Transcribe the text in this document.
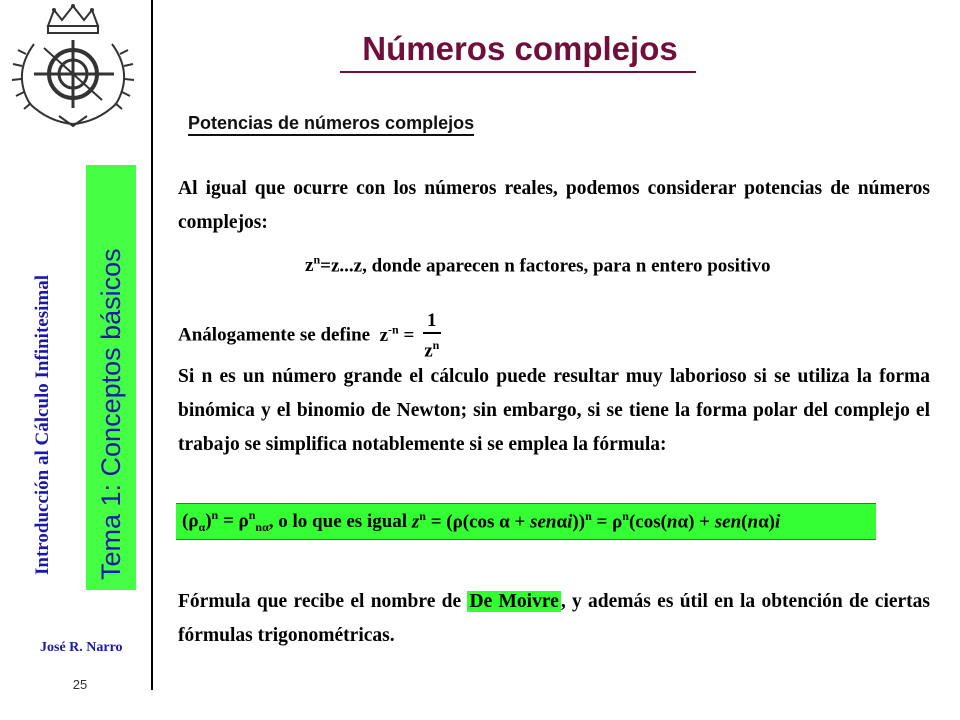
Introducción al Cálculo Infinitesimal Tema 1: Conceptos básicos
José R. Narro
25
Números complejos
Potencias de números complejos
Al igual que ocurre con los números reales, podemos considerar potencias de números complejos:
$z^n=z...z$, donde aparecen n factores, para n entero positivo
Análogamente se define  $z^{-n} = \frac{1}{z^n}$
Si n es un número grande el cálculo puede resultar muy laborioso si se utiliza la forma binómica y el binomio de Newton; sin embargo, si se tiene la forma polar del complejo el trabajo se simplifica notablemente si se emplea la fórmula:
$(\rho_\alpha)^n = \rho^n_{n\alpha}$ , o lo que es igual $z^n = (\rho(\cos$ $\alpha + sen\alpha i))^n = \rho^n(\cos(n\alpha) + sen(n\alpha)i$
Fórmula que recibe el nombre de De Moivre , y además es útil en la obtención de ciertas fórmulas trigonométricas.
